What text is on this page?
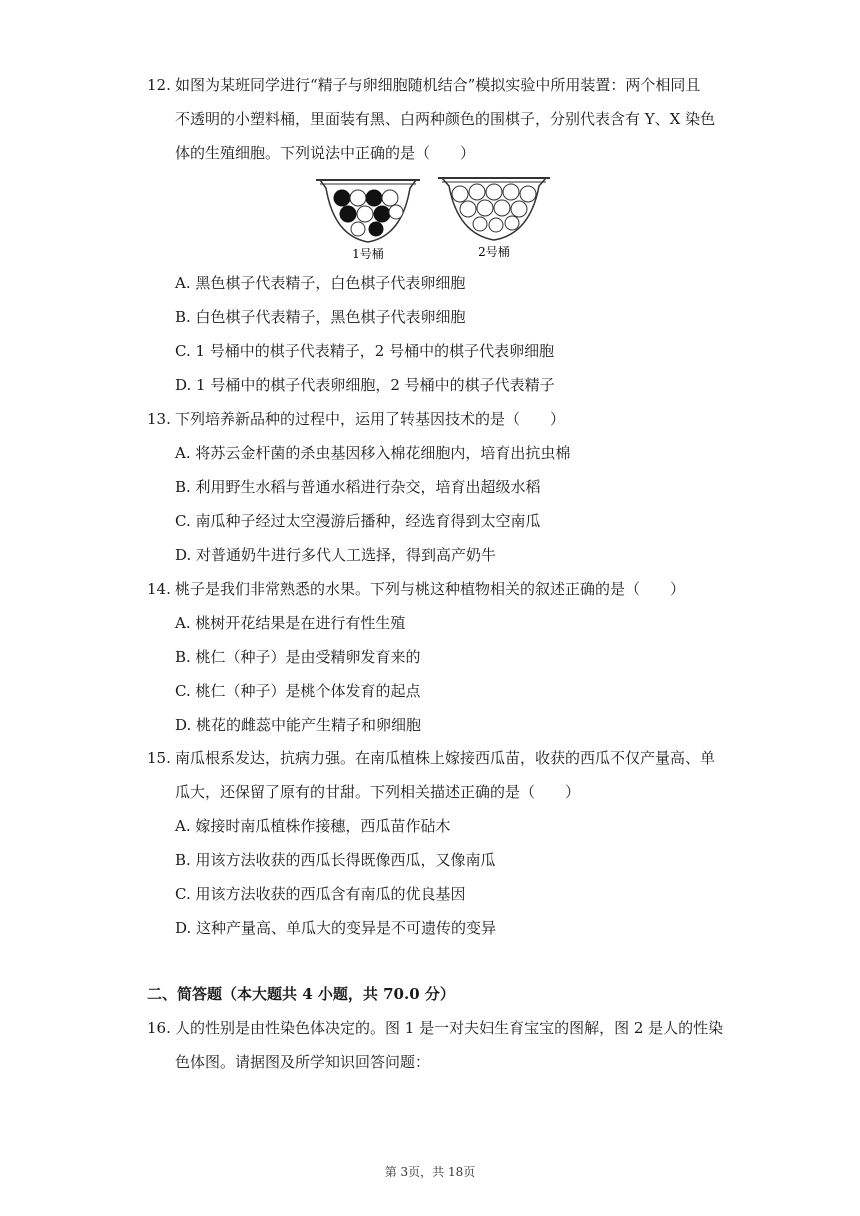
12. 如图为某班同学进行“精子与卵细胞随机结合”模拟实验中所用装置：两个相同且
不透明的小塑料桶，里面装有黑、白两种颜色的围棋子，分别代表含有 Y、X 染色
体的生殖细胞。下列说法中正确的是（　　）
1号桶	2号桶
A. 黑色棋子代表精子，白色棋子代表卵细胞
B. 白色棋子代表精子，黑色棋子代表卵细胞
C. 1 号桶中的棋子代表精子，2 号桶中的棋子代表卵细胞
D. 1 号桶中的棋子代表卵细胞，2 号桶中的棋子代表精子
13. 下列培养新品种的过程中，运用了转基因技术的是（　　）
A. 将苏云金杆菌的杀虫基因移入棉花细胞内，培育出抗虫棉
B. 利用野生水稻与普通水稻进行杂交，培育出超级水稻
C. 南瓜种子经过太空漫游后播种，经选育得到太空南瓜
D. 对普通奶牛进行多代人工选择，得到高产奶牛
14. 桃子是我们非常熟悉的水果。下列与桃这种植物相关的叙述正确的是（　　）
A. 桃树开花结果是在进行有性生殖
B. 桃仁（种子）是由受精卵发育来的
C. 桃仁（种子）是桃个体发育的起点
D. 桃花的雌蕊中能产生精子和卵细胞
15. 南瓜根系发达，抗病力强。在南瓜植株上嫁接西瓜苗，收获的西瓜不仅产量高、单
瓜大，还保留了原有的甘甜。下列相关描述正确的是（　　）
A. 嫁接时南瓜植株作接穗，西瓜苗作砧木
B. 用该方法收获的西瓜长得既像西瓜，又像南瓜
C. 用该方法收获的西瓜含有南瓜的优良基因
D. 这种产量高、单瓜大的变异是不可遗传的变异
二、简答题（本大题共 4 小题，共 70.0 分）
16. 人的性别是由性染色体决定的。图 1 是一对夫妇生育宝宝的图解，图 2 是人的性染
色体图。请据图及所学知识回答问题：
第 3页，共 18页
